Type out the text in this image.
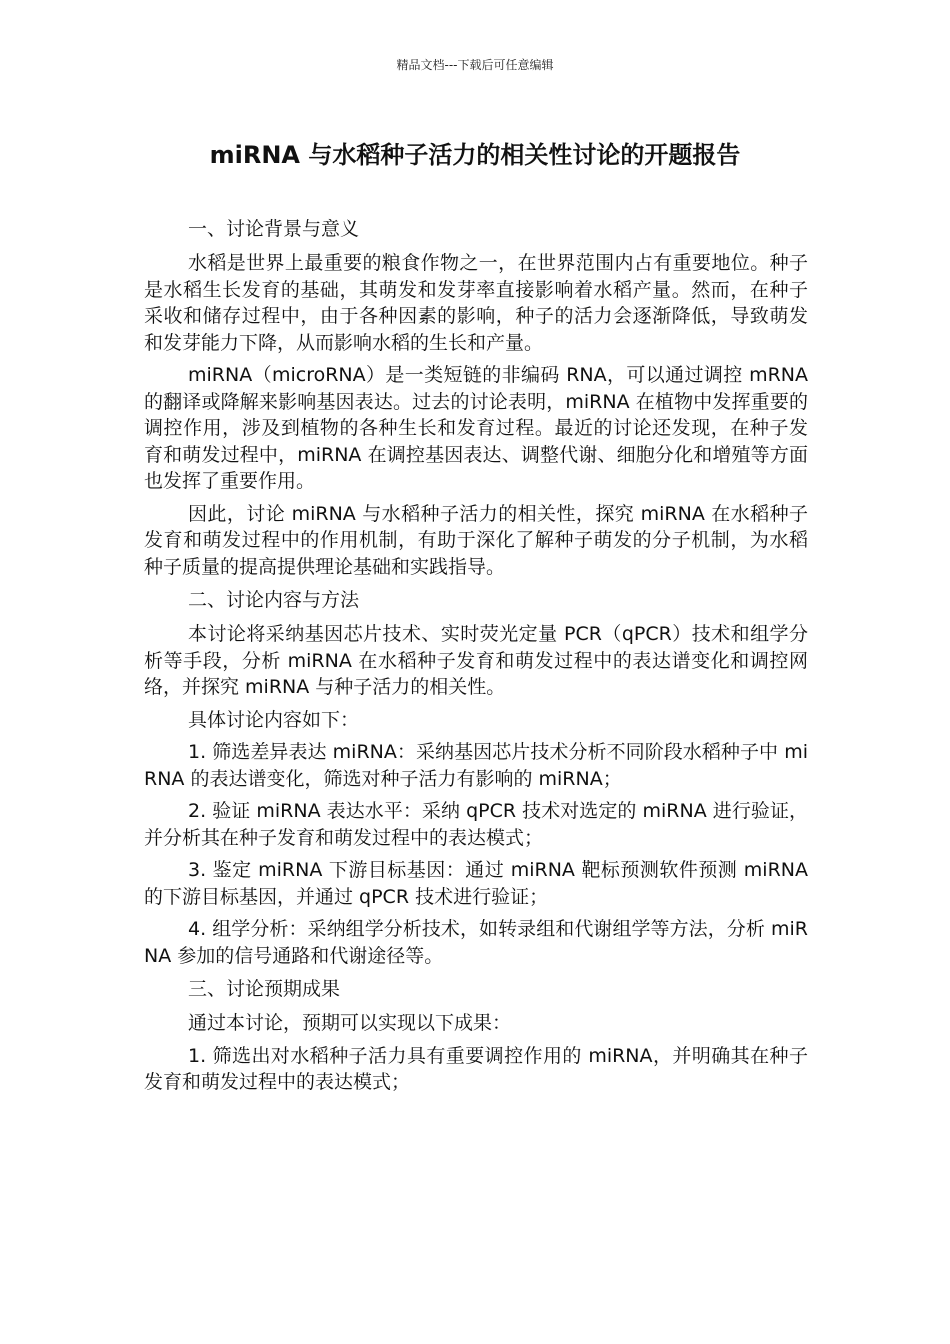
精品文档---下载后可任意编辑
miRNA 与水稻种子活力的相关性讨论的开题报告
一、讨论背景与意义

水稻是世界上最重要的粮食作物之一，在世界范围内占有重要地位。种子是水稻生长发育的基础，其萌发和发芽率直接影响着水稻产量。然而，在种子采收和储存过程中，由于各种因素的影响，种子的活力会逐渐降低，导致萌发和发芽能力下降，从而影响水稻的生长和产量。

miRNA（microRNA）是一类短链的非编码 RNA，可以通过调控 mRNA 的翻译或降解来影响基因表达。过去的讨论表明，miRNA 在植物中发挥重要的调控作用，涉及到植物的各种生长和发育过程。最近的讨论还发现，在种子发育和萌发过程中，miRNA 在调控基因表达、调整代谢、细胞分化和增殖等方面也发挥了重要作用。

因此，讨论 miRNA 与水稻种子活力的相关性，探究 miRNA 在水稻种子发育和萌发过程中的作用机制，有助于深化了解种子萌发的分子机制，为水稻种子质量的提高提供理论基础和实践指导。

二、讨论内容与方法

本讨论将采纳基因芯片技术、实时荧光定量 PCR（qPCR）技术和组学分析等手段，分析 miRNA 在水稻种子发育和萌发过程中的表达谱变化和调控网络，并探究 miRNA 与种子活力的相关性。

具体讨论内容如下：

1. 筛选差异表达 miRNA：采纳基因芯片技术分析不同阶段水稻种子中 miRNA 的表达谱变化，筛选对种子活力有影响的 miRNA；

2. 验证 miRNA 表达水平：采纳 qPCR 技术对选定的 miRNA 进行验证，并分析其在种子发育和萌发过程中的表达模式；

3. 鉴定 miRNA 下游目标基因：通过 miRNA 靶标预测软件预测 miRNA 的下游目标基因，并通过 qPCR 技术进行验证；

4. 组学分析：采纳组学分析技术，如转录组和代谢组学等方法，分析 miRNA 参加的信号通路和代谢途径等。

三、讨论预期成果

通过本讨论，预期可以实现以下成果：

1. 筛选出对水稻种子活力具有重要调控作用的 miRNA，并明确其在种子发育和萌发过程中的表达模式；
